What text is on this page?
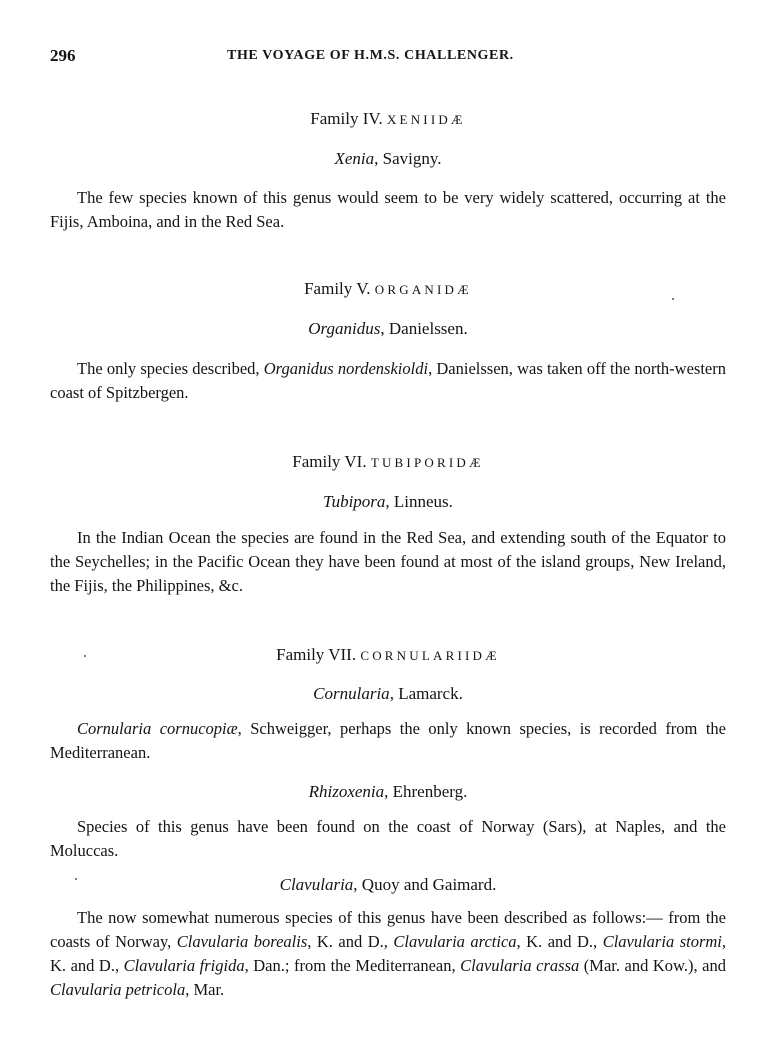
296	THE VOYAGE OF H.M.S. CHALLENGER.
Family IV. XENIIDÆ
Xenia, Savigny.

The few species known of this genus would seem to be very widely scattered, occurring at the Fijis, Amboina, and in the Red Sea.

Family V. ORGANIDÆ
Organidus, Danielssen.

The only species described, Organidus nordenskioldi, Danielssen, was taken off the north-western coast of Spitzbergen.

Family VI. TUBIPORIDÆ
Tubipora, Linneus.

In the Indian Ocean the species are found in the Red Sea, and extending south of the Equator to the Seychelles; in the Pacific Ocean they have been found at most of the island groups, New Ireland, the Fijis, the Philippines, &c.

Family VII. CORNULARIIDÆ
Cornularia, Lamarck.

Cornularia cornucopiæ, Schweigger, perhaps the only known species, is recorded from the Mediterranean.

Rhizoxenia, Ehrenberg.

Species of this genus have been found on the coast of Norway (Sars), at Naples, and the Moluccas.

Clavularia, Quoy and Gaimard.

The now somewhat numerous species of this genus have been described as follows:— from the coasts of Norway, Clavularia borealis, K. and D., Clavularia arctica, K. and D., Clavularia stormi, K. and D., Clavularia frigida, Dan.; from the Mediterranean, Clavularia crassa (Mar. and Kow.), and Clavularia petricola, Mar.
